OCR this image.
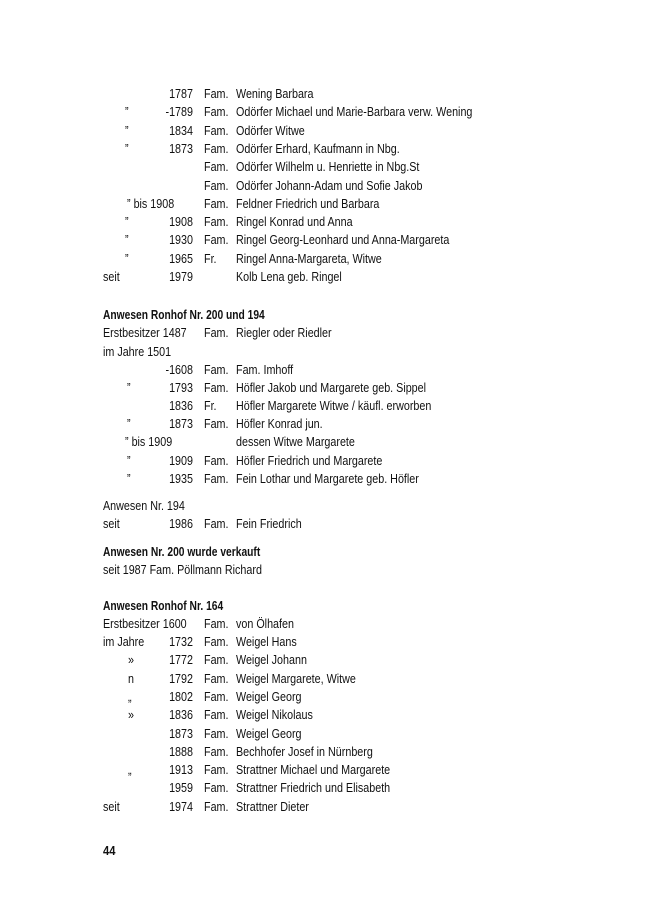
1787 Fam. Wening Barbara
”	-1789 Fam. Odörfer Michael und Marie-Barbara verw. Wening
”	1834 Fam. Odörfer Witwe
”	1873 Fam. Odörfer Erhard, Kaufmann in Nbg.
Fam. Odörfer Wilhelm u. Henriette in Nbg.St
Fam. Odörfer Johann-Adam und Sofie Jakob
” bis 1908 Fam. Feldner Friedrich und Barbara
”	1908 Fam. Ringel Konrad und Anna
”	1930 Fam. Ringel Georg-Leonhard und Anna-Margareta
”	1965 Fr. Ringel Anna-Margareta, Witwe
seit	1979	Kolb Lena geb. Ringel
Anwesen Ronhof Nr. 200 und 194
Erstbesitzer 1487 Fam. Riegler oder Riedler
im Jahre 1501
-1608 Fam. Fam. Imhoff
”	1793 Fam. Höfler Jakob und Margarete geb. Sippel
1836 Fr. Höfler Margarete Witwe / käufl. erworben
”	1873 Fam. Höfler Konrad jun.
” bis 1909	dessen Witwe Margarete
”	1909 Fam. Höfler Friedrich und Margarete
”	1935 Fam. Fein Lothar und Margarete geb. Höfler
Anwesen Nr. 194
seit	1986 Fam. Fein Friedrich
Anwesen Nr. 200 wurde verkauft
seit 1987 Fam. Pöllmann Richard
Anwesen Ronhof Nr. 164
Erstbesitzer 1600 Fam. von Ölhafen
im Jahre	1732 Fam. Weigel Hans
»	1772 Fam. Weigel Johann
n	1792 Fam. Weigel Margarete, Witwe
„	1802 Fam. Weigel Georg
»	1836 Fam. Weigel Nikolaus
1873 Fam. Weigel Georg
1888 Fam. Bechhofer Josef in Nürnberg
„	1913 Fam. Strattner Michael und Margarete
1959 Fam. Strattner Friedrich und Elisabeth
seit	1974 Fam. Strattner Dieter
44
